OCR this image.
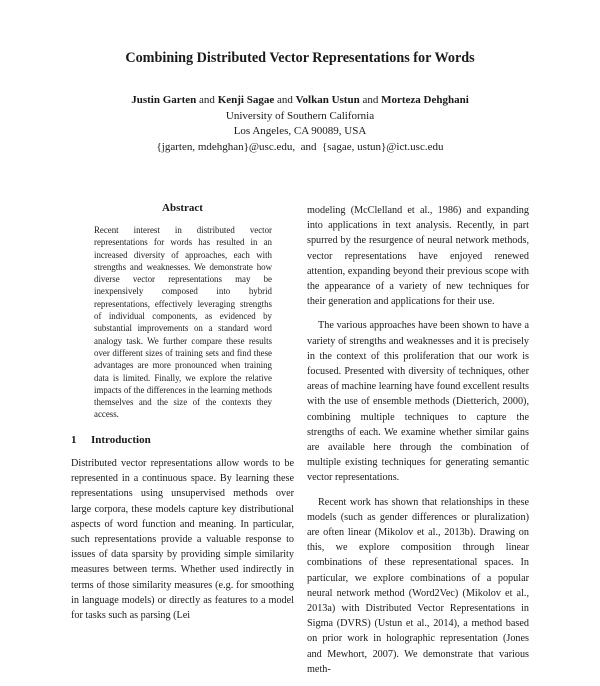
Combining Distributed Vector Representations for Words
Justin Garten and Kenji Sagae and Volkan Ustun and Morteza Dehghani
University of Southern California
Los Angeles, CA 90089, USA
{jgarten, mdehghan}@usc.edu,  and  {sagae, ustun}@ict.usc.edu
Abstract
Recent interest in distributed vector representations for words has resulted in an increased diversity of approaches, each with strengths and weaknesses. We demonstrate how diverse vector representations may be inexpensively composed into hybrid representations, effectively leveraging strengths of individual components, as evidenced by substantial improvements on a standard word analogy task. We further compare these results over different sizes of training sets and find these advantages are more pronounced when training data is limited. Finally, we explore the relative impacts of the differences in the learning methods themselves and the size of the contexts they access.
1 Introduction

Distributed vector representations allow words to be represented in a continuous space. By learning these representations using unsupervised methods over large corpora, these models capture key distributional aspects of word function and meaning. In particular, such representations provide a valuable response to issues of data sparsity by providing simple similarity measures between terms. Whether used indirectly in terms of those similarity measures (e.g. for smoothing in language models) or directly as features to a model for tasks such as parsing (Lei

modeling (McClelland et al., 1986) and expanding into applications in text analysis. Recently, in part spurred by the resurgence of neural network methods, vector representations have enjoyed renewed attention, expanding beyond their previous scope with the appearance of a variety of new techniques for their generation and applications for their use.

The various approaches have been shown to have a variety of strengths and weaknesses and it is precisely in the context of this proliferation that our work is focused. Presented with diversity of techniques, other areas of machine learning have found excellent results with the use of ensemble methods (Dietterich, 2000), combining multiple techniques to capture the strengths of each. We examine whether similar gains are available here through the combination of multiple existing techniques for generating semantic vector representations.

Recent work has shown that relationships in these models (such as gender differences or pluralization) are often linear (Mikolov et al., 2013b). Drawing on this, we explore composition through linear combinations of these representational spaces. In particular, we explore combinations of a popular neural network method (Word2Vec) (Mikolov et al., 2013a) with Distributed Vector Representations in Sigma (DVRS) (Ustun et al., 2014), a method based on prior work in holographic representation (Jones and Mewhort, 2007). We demonstrate that various meth-
